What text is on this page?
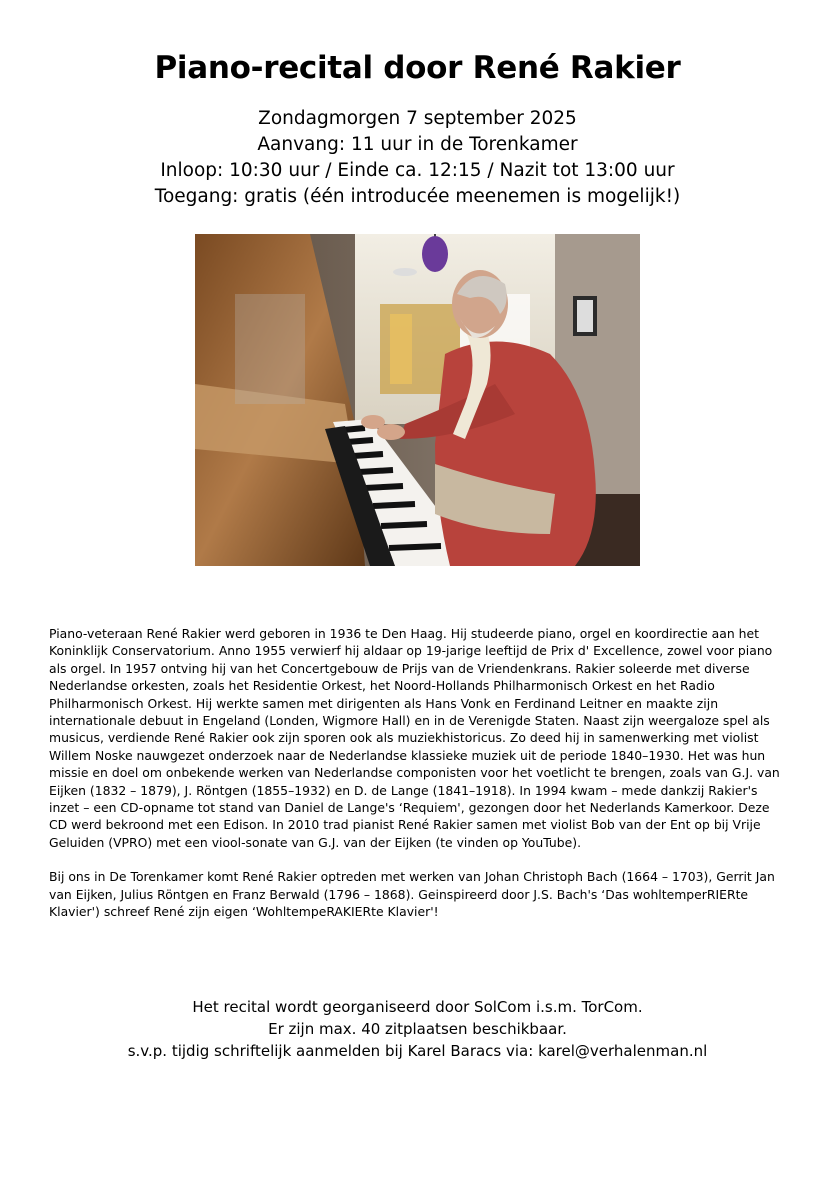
Piano-recital door René Rakier
Zondagmorgen 7 september 2025
Aanvang: 11 uur in de Torenkamer
Inloop: 10:30 uur / Einde ca. 12:15 / Nazit tot 13:00 uur
Toegang: gratis (één introducée meenemen is mogelijk!)

Piano-veteraan René Rakier werd geboren in 1936 te Den Haag. Hij studeerde piano, orgel en koordirectie aan het Koninklijk Conservatorium. Anno 1955 verwierf hij aldaar op 19-jarige leeftijd de Prix d' Excellence, zowel voor piano als orgel. In 1957 ontving hij van het Concertgebouw de Prijs van de Vriendenkrans. Rakier soleerde met diverse Nederlandse orkesten, zoals het Residentie Orkest, het Noord-Hollands Philharmonisch Orkest en het Radio Philharmonisch Orkest. Hij werkte samen met dirigenten als Hans Vonk en Ferdinand Leitner en maakte zijn internationale debuut in Engeland (Londen, Wigmore Hall) en in de Verenigde Staten. Naast zijn weergaloze spel als musicus, verdiende René Rakier ook zijn sporen ook als muziekhistoricus. Zo deed hij in samenwerking met violist Willem Noske nauwgezet onderzoek naar de Nederlandse klassieke muziek uit de periode 1840–1930. Het was hun missie en doel om onbekende werken van Nederlandse componisten voor het voetlicht te brengen, zoals van G.J. van Eijken (1832 – 1879), J. Röntgen (1855–1932) en D. de Lange (1841–1918). In 1994 kwam – mede dankzij Rakier's inzet – een CD-opname tot stand van Daniel de Lange's ‘Requiem', gezongen door het Nederlands Kamerkoor. Deze CD werd bekroond met een Edison. In 2010 trad pianist René Rakier samen met violist Bob van der Ent op bij Vrije Geluiden (VPRO) met een viool-sonate van G.J. van der Eijken (te vinden op YouTube).

Bij ons in De Torenkamer komt René Rakier optreden met werken van Johan Christoph Bach (1664 – 1703), Gerrit Jan van Eijken, Julius Röntgen en Franz Berwald (1796 – 1868). Geinspireerd door J.S. Bach's ‘Das wohltemperRIERte Klavier') schreef René zijn eigen ‘WohltempeRAKIERte Klavier'!

Het recital wordt georganiseerd door SolCom i.s.m. TorCom.
Er zijn max. 40 zitplaatsen beschikbaar.
s.v.p. tijdig schriftelijk aanmelden bij Karel Baracs via: karel@verhalenman.nl
